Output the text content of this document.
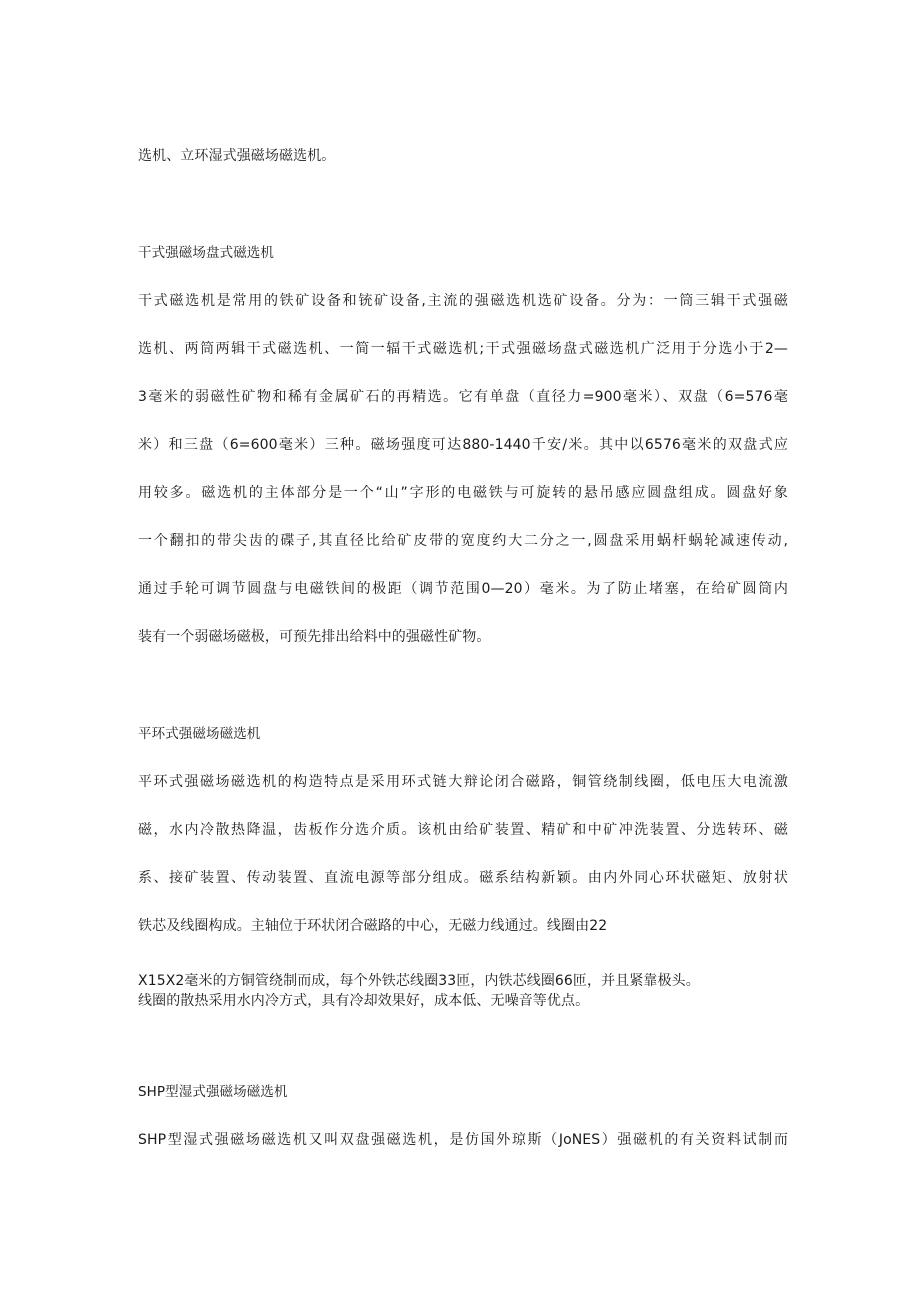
选机、立环湿式强磁场磁选机。
干式强磁场盘式磁选机
干式磁选机是常用的铁矿设备和铳矿设备,主流的强磁选机选矿设备。分为：一筒三辑干式强磁
选机、两筒两辑干式磁选机、一简一辐干式磁选机;干式强磁场盘式磁选机广泛用于分选小于2—
3毫米的弱磁性矿物和稀有金属矿石的再精选。它有单盘（直径力=900毫米）、双盘（6=576毫
米）和三盘（6=600毫米）三种。磁场强度可达880-1440千安/米。其中以6576毫米的双盘式应
用较多。磁选机的主体部分是一个“山”字形的电磁铁与可旋转的悬吊感应圆盘组成。圆盘好象
一个翻扣的带尖齿的碟子,其直径比给矿皮带的宽度约大二分之一,圆盘采用蜗杆蜗轮减速传动,
通过手轮可调节圆盘与电磁铁间的极距（调节范围0—20）毫米。为了防止堵塞，在给矿圆筒内
装有一个弱磁场磁极，可预先排出给料中的强磁性矿物。
平环式强磁场磁选机
平环式强磁场磁选机的构造特点是采用环式链大辩论闭合磁路，铜管绕制线圈，低电压大电流激
磁，水内冷散热降温，齿板作分选介质。该机由给矿装置、精矿和中矿冲洗装置、分选转环、磁
系、接矿装置、传动装置、直流电源等部分组成。磁系结构新颖。由内外同心环状磁矩、放射状
铁芯及线圈构成。主轴位于环状闭合磁路的中心，无磁力线通过。线圈由22
X15X2毫米的方铜管绕制而成，每个外铁芯线圈33匝，内铁芯线圈66匝，并且紧靠极头。
线圈的散热采用水内冷方式，具有冷却效果好，成本低、无噪音等优点。
SHP型湿式强磁场磁选机
SHP型湿式强磁场磁选机又叫双盘强磁选机，是仿国外琼斯（JoNES）强磁机的有关资料试制而
